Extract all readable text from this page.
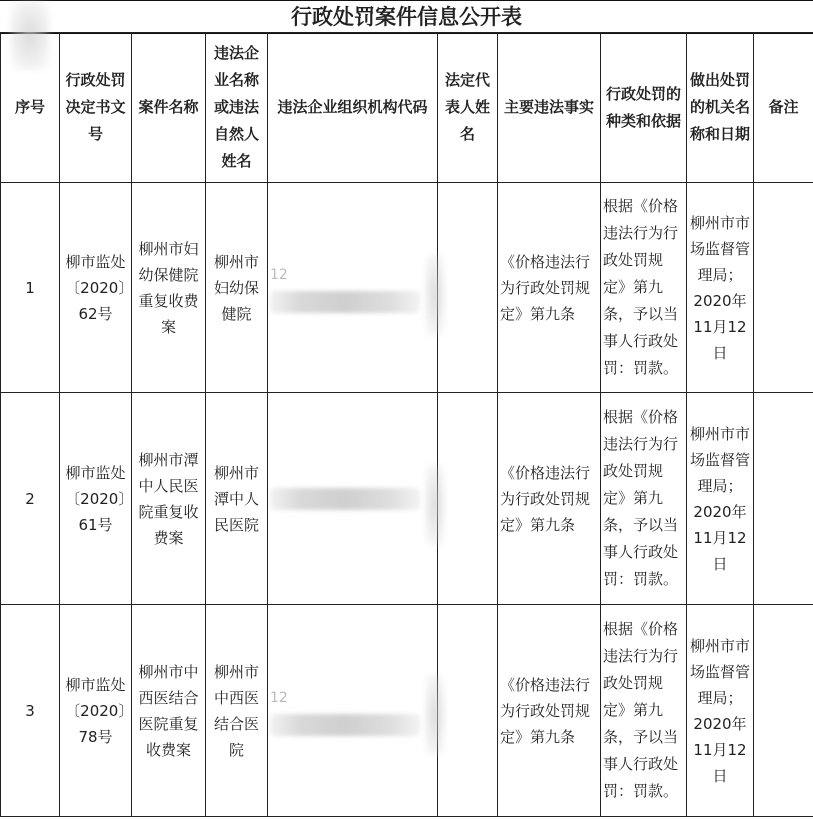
行政处罚案件信息公开表
序号	行政处罚决定书文号	案件名称	违法企业名称或违法自然人姓名	违法企业组织机构代码	法定代表人姓名	主要违法事实	行政处罚的种类和依据	做出处罚的机关名称和日期	备注
1	柳市监处〔2020〕62号	柳州市妇幼保健院重复收费案	柳州市妇幼保健院	12		《价格违法行为行政处罚规定》第九条	根据《价格违法行为行政处罚规定》第九条，予以当事人行政处罚：罚款。	柳州市市场监督管理局；2020年11月12日	
2	柳市监处〔2020〕61号	柳州市潭中人民医院重复收费案	柳州市潭中人民医院			《价格违法行为行政处罚规定》第九条	根据《价格违法行为行政处罚规定》第九条，予以当事人行政处罚：罚款。	柳州市市场监督管理局；2020年11月12日	
3	柳市监处〔2020〕78号	柳州市中西医结合医院重复收费案	柳州市中西医结合医院	12		《价格违法行为行政处罚规定》第九条	根据《价格违法行为行政处罚规定》第九条，予以当事人行政处罚：罚款。	柳州市市场监督管理局；2020年11月12日	
